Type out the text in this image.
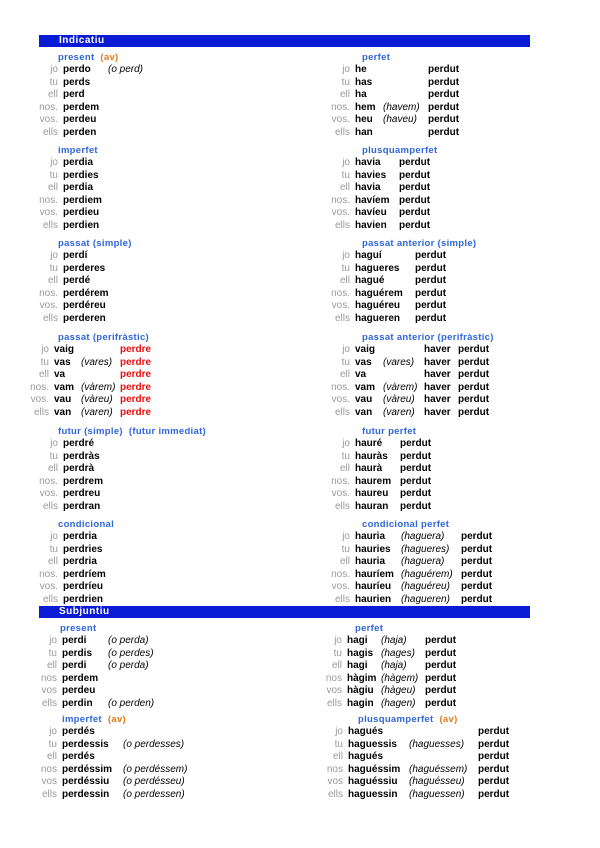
Indicatiu
Subjuntiu
present (av)
jo perdo (o perd)
tu perds
ell perd
nos. perdem
vos. perdeu
ells perden
perfet
jo he	perdut
tu has	perdut
ell ha	perdut
nos. hem (havem) perdut
vos. heu (haveu) perdut
ells han	perdut
imperfet
jo perdia
tu perdies
ell perdia
nos. perdiem
vos. perdieu
ells perdien
plusquamperfet
jo havia perdut
tu havies perdut
ell havia perdut
nos. havíem perdut
vos. havíeu perdut
ells havien perdut
passat (simple)
jo perdí
tu perderes
ell perdé
nos. perdérem
vos. perdéreu
ells perderen
passat anterior (simple)
jo haguí	perdut
tu hagueres perdut
ell hagué	perdut
nos. haguérem perdut
vos. haguéreu perdut
ells hagueren perdut
passat (perifràstic)
jo vaig	perdre
tu vas (vares) perdre
ell va	perdre
nos. vam (vàrem) perdre
vos. vau (vàreu) perdre
ells van (varen) perdre
passat anterior (perifràstic)
jo vaig	haver perdut
tu vas (vares) haver perdut
ell va	haver perdut
nos. vam (vàrem) haver perdut
vos. vau (vàreu) haver perdut
ells van (varen) haver perdut
futur (simple) (futur immediat)
jo perdré
tu perdràs
ell perdrà
nos. perdrem
vos. perdreu
ells perdran
futur perfet
jo hauré perdut
tu hauràs perdut
ell haurà perdut
nos. haurem perdut
vos. haureu perdut
ells hauran perdut
condicional
jo perdria
tu perdries
ell perdria
nos. perdríem
vos. perdríeu
ells perdrien
condicional perfet
jo hauria (haguera) perdut
tu hauries (hagueres) perdut
ell hauria (haguera) perdut
nos. hauríem (haguérem) perdut
vos. hauríeu (haguéreu) perdut
ells haurien (hagueren) perdut
present
jo perdi (o perda)
tu perdis (o perdes)
ell perdi (o perda)
nos perdem
vos perdeu
ells perdin (o perden)
perfet
jo hagi (haja) perdut
tu hagis (hages) perdut
ell hagi (haja) perdut
nos hàgim (hàgem) perdut
vos hàgiu (hàgeu) perdut
ells hagin (hagen) perdut
imperfet (av)
jo perdés
tu perdessis (o perdesses)
ell perdés
nos perdéssim (o perdéssem)
vos perdéssiu (o perdésseu)
ells perdessin (o perdessen)
plusquamperfet (av)
jo hagués	perdut
tu haguessis (haguesses) perdut
ell hagués	perdut
nos haguéssim (haguéssem) perdut
vos haguéssiu (haguésseu) perdut
ells haguessin (haguessen) perdut
